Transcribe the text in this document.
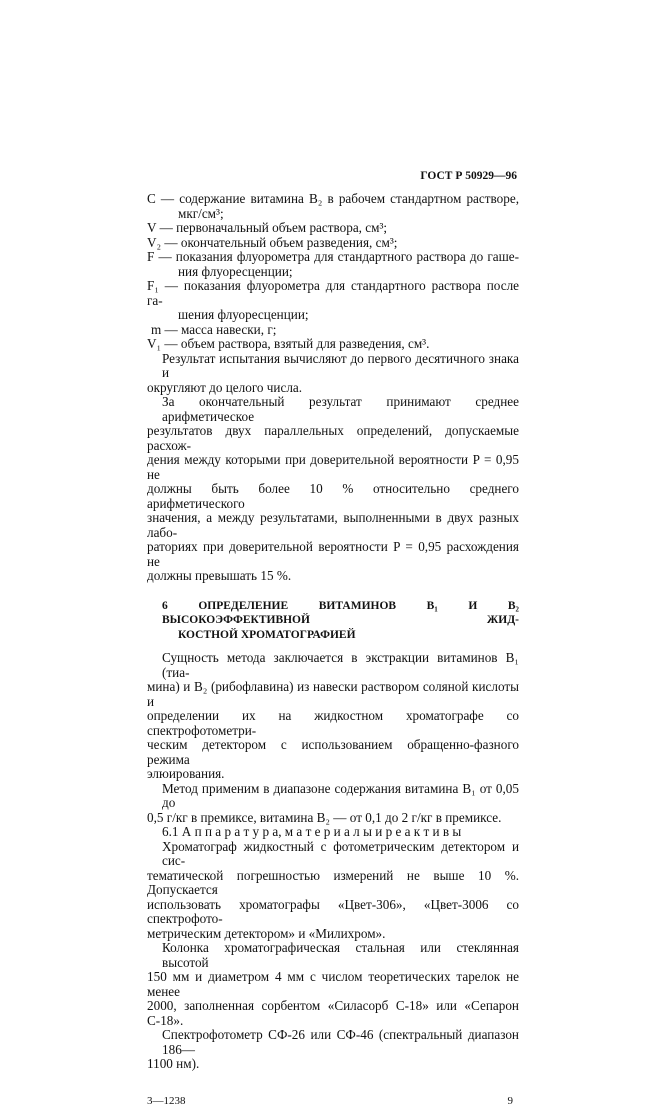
ГОСТ Р 50929—96
C — содержание витамина В₂ в рабочем стандартном растворе,
мкг/см³;
V — первоначальный объем раствора, см³;
V₂ — окончательный объем разведения, см³;
F — показания флуорометра для стандартного раствора до гаше-
ния флуоресценции;
F₁ — показания флуорометра для стандартного раствора после га-
шения флуоресценции;
m — масса навески, г;
V₁ — объем раствора, взятый для разведения, см³.
Результат испытания вычисляют до первого десятичного знака и
округляют до целого числа.
За окончательный результат принимают среднее арифметическое
результатов двух параллельных определений, допускаемые расхож-
дения между которыми при доверительной вероятности P = 0,95 не
должны быть более 10 % относительно среднего арифметического
значения, а между результатами, выполненными в двух разных лабо-
раториях при доверительной вероятности P = 0,95 расхождения не
должны превышать 15 %.
6 ОПРЕДЕЛЕНИЕ ВИТАМИНОВ В₁ И В₂ ВЫСОКОЭФФЕКТИВНОЙ ЖИД-
КОСТНОЙ ХРОМАТОГРАФИЕЙ
Сущность метода заключается в экстракции витаминов В₁ (тиа-
мина) и В₂ (рибофлавина) из навески раствором соляной кислоты и
определении их на жидкостном хроматографе со спектрофотометри-
ческим детектором с использованием обращенно-фазного режима
элюирования.
Метод применим в диапазоне содержания витамина В₁ от 0,05 до
0,5 г/кг в премиксе, витамина В₂ — от 0,1 до 2 г/кг в премиксе.
6.1 А п п а р а т у р а, м а т е р и а л ы и р е а к т и в ы
Хроматограф жидкостный с фотометрическим детектором и сис-
тематической погрешностью измерений не выше 10 %. Допускается
использовать хроматографы «Цвет-306», «Цвет-3006 со спектрофото-
метрическим детектором» и «Милихром».
Колонка хроматографическая стальная или стеклянная высотой
150 мм и диаметром 4 мм с числом теоретических тарелок не менее
2000, заполненная сорбентом «Силасорб С-18» или «Сепарон С-18».
Спектрофотометр СФ-26 или СФ-46 (спектральный диапазон 186—
1100 нм).
3—1238	9
